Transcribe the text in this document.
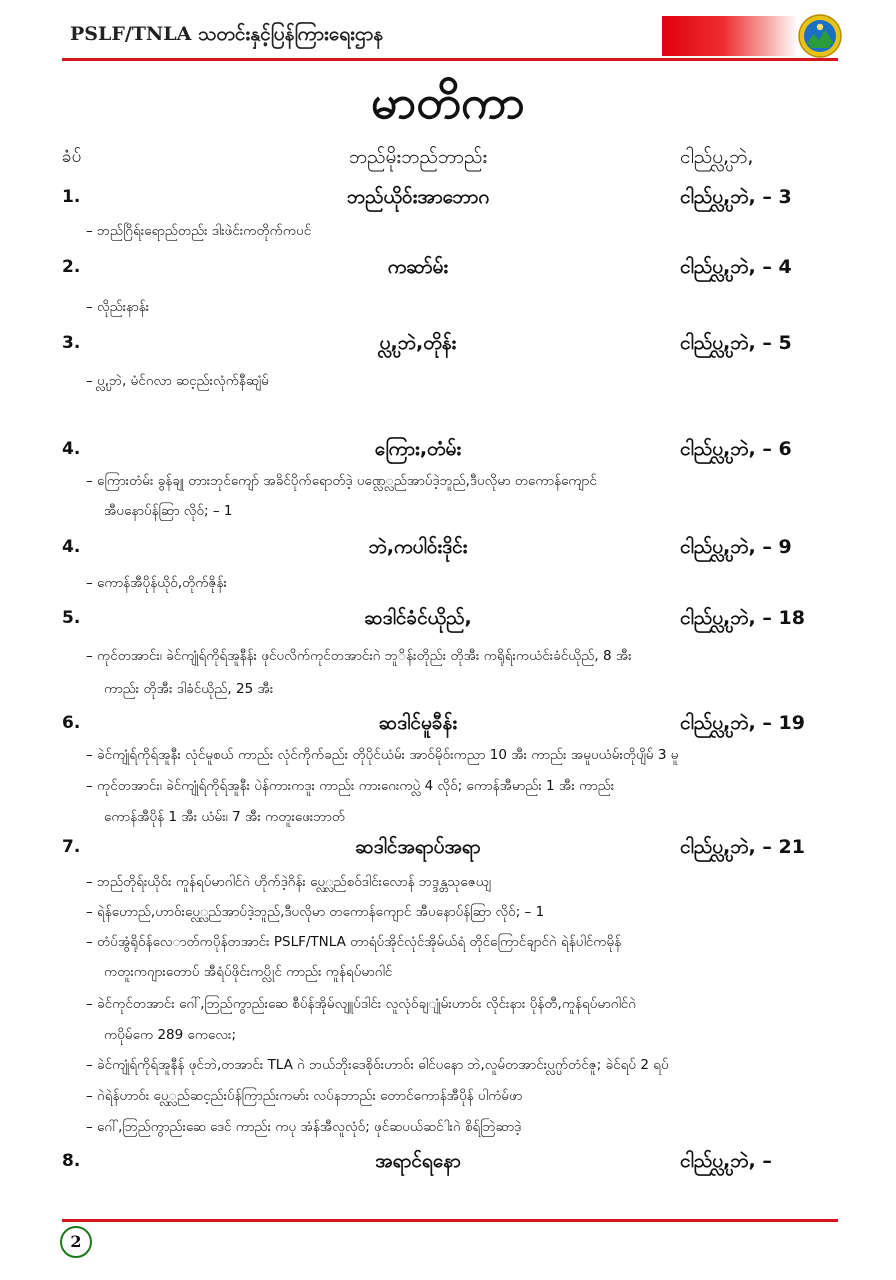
PSLF/TNLA သတင်းနှင့်ပြန်ကြားရေးဌာန
မာတိကာ
ခံပ်	ဘည်မိုးဘည်ဘာည်း	ငါည်ပ္လ္ပ,ဘဲ,
1.	ဘည်ယိုဝ်းအာဘောဂ	ငါည်ပ္လ္ပ,ဘဲ, – 3
– ဘည်ဂြိရ်းရောည်တည်း ဒါးဖဲင်းကတိုက်ကပင်
2.	ကဆာ်မ်း	ငါည်ပ္လ္ပ,ဘဲ, – 4
– လိုည်းနာန်း
3.	ပ္လ္ပ,ဘဲ,တိုန်း	ငါည်ပ္လ္ပ,ဘဲ, – 5
– ပ္လ္ပ,ဘဲ, မံင်ဂလာ ဆင့ည်းလုံက်နီဆျံမ်
4.	ကြေား,တံမ်း	ငါည်ပ္လ္ပ,ဘဲ, – 6
– ကြေားတံမ်း ခွန်ချု တားဘုင်ကျော် အခိင်ပိုက်ရောတ်ဒဲ့ ပဏ္လေ္လည်အာပ်ဒဲ့ဘူည်,ဒီပလိုမာ တကောန်ကျောင်
အီပနောပ်န်ဆြာ လိုဝ်; – 1
4.	ဘဲ,ကပါဝ်းဒိုင်း	ငါည်ပ္လ္ပ,ဘဲ, – 9
– ကောန်အီပိုန်ယိုဝ်,တိုက်ဇိုန်း
5.	ဆဒါင်ခံင်ယိုည်,	ငါည်ပ္လ္ပ,ဘဲ, – 18
– ကုင်တအာင်း၊ ခဲင်ကျုံရ်ကိုရ်အူနီန်း ဖုင်ပလိက်ကုင်တအာင်းဂဲ ဘူိန်းတိုည်း တိုအီး ကရိုရ်းကယံင်းခံင်ယိုည်, 8 အီး
ကာည်း တိုအီး ဒါခံင်ယိုည်, 25 အီး
6.	ဆဒါင်မူခီန်း	ငါည်ပ္လ္ပ,ဘဲ, – 19
– ခဲင်ကျုံရ်ကိုရ်အူနီး လုံင်မူစယ် ကာည်း လုံင်ကိုက်ခည်း တိုပိုင်ယံမ်း အာဝ်မိုဝ်းကညာ 10 အီး ကာည်း အမူပယံမ်းတိုပျိမ် 3 မူ
– ကုင်တအာင်း၊ ခဲင်ကျုံရ်ကိုရ်အူနီး ပဲန်ကားကဒူး ကာည်း ကားဂေးကပ္လဲ 4 လိုဝ်; ကောန်အီမာည်း 1 အီး ကာည်း
ကောန်အီပိုန် 1 အီး ယံမ်း၊ 7 အီး ကတူးဖေးဘာတ်
7.	ဆဒါင်အရာပ်အရာ	ငါည်ပ္လ္ပ,ဘဲ, – 21
– ဘည်တိုရ်းယိုဝ်း ကူန်ရပ်မာဂါင်ဂဲ ဟိုက်ဒဲ့ဂိန်း ပ္လေ္လည်စဝ်ဒါင်းလောန် ဘဒ္ဒန္တသုဇေယျ
– ရဲန်ဟောည်,ဟာဝ်းပ္လေ္လည်အာပ်ဒဲ့ဘူည်,ဒီပလိုမာ တကောန်ကျောင် အီပနောပ်န်ဆြာ လိုဝ်; – 1
– တံပ်အွံရိုဝ်န်လေ‌ာတ်ကပိုန်တအာင်း PSLF/TNLA တာရံပ်အိုင်လုံင်အိုမ်ယ်ရံ တိုင်ကြောင်ချာင်ဂဲ ရဲန်ပါင်ကမိုန်
ကတူးကဂျားတောပ် အီရံပ်ဖိုင်းကပ္လိုင် ကာည်း ကူန်ရပ်မာဂါင်
– ခဲင်ကုင်တအာင်း ဂေါ်,ဘြည်ကွာည်းဆေ စီပ်န်အိုမ်လျူပ်ဒါင်း လူလုံဝ်ချျုံမ်းဟာဝ်း လိုင်းနား ပိုန်တီ,ကူန်ရပ်မာဂါင်ဂဲ
ကပိုမ်ကေ 289 ကေလေး;
– ခဲင်ကျုံရ်ကိုရ်အူနီန် ဖုင်ဘဲ,တအာင်း TLA ဂဲ ဘယ်ဘိုးဒေစိုဝ်းဟာဝ်း ဓါင်ပနော ဘဲ,လူမ်တအာင်းပ္လ္ပက်တံင်ဇူ; ခဲင်ရပ် 2 ရပ်
– ဂဲရဲန်ဟာဝ်း ပ္လေ္လည်ဆင့ည်းပ်န်ကြာည်းကမာ်း လပ်နဘာည်း တောင်ကောန်အီပိုန် ပါကံမ်ဖာ
– ဂေါ်,ဘြည်ကွာည်းဆေ ဒေင် ကာည်း ကပု အံန်အီလူလုံဝ်; ဖုင်ဆပယ်ဆင်ါးဂဲ စိရ်ဘြဲဆာဒဲ့
8.	အရာင်ရနော	ငါည်ပ္လ္ပ,ဘဲ, –
2
